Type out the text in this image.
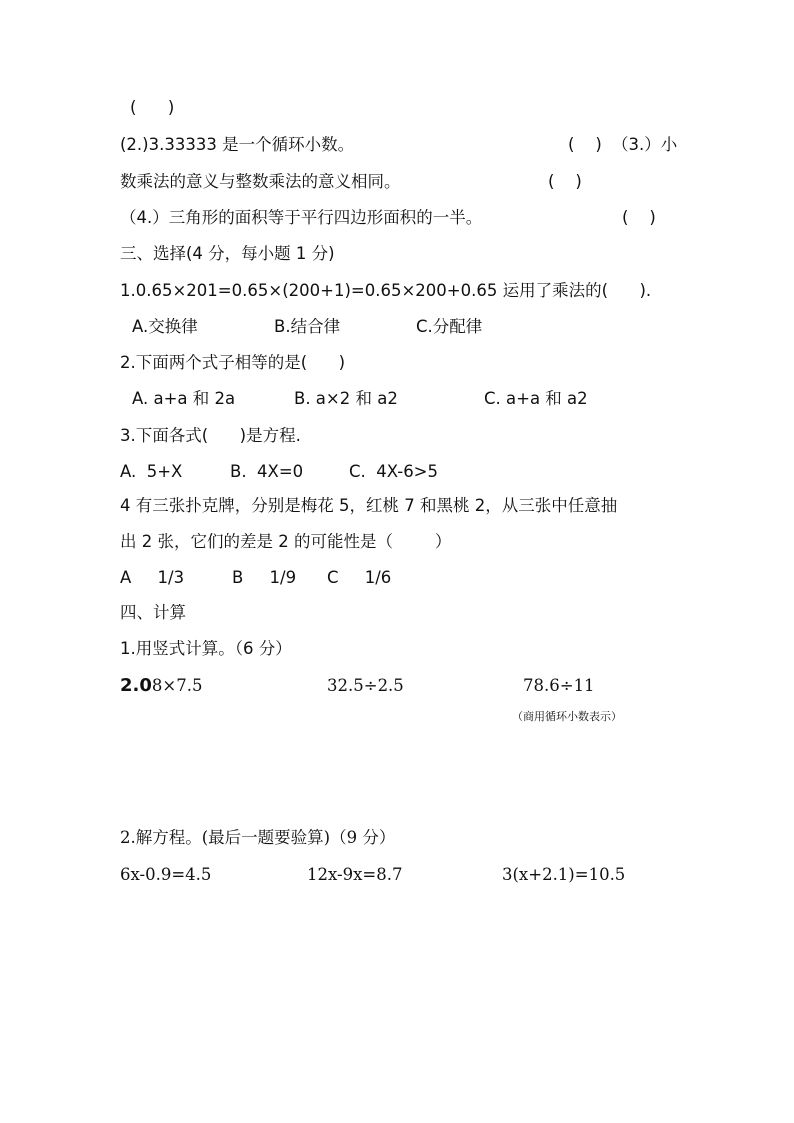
(      )
(2.)3.33333 是一个循环小数。	(    ) （3.）小
数乘法的意义与整数乘法的意义相同。	(    )
（4.）三角形的面积等于平行四边形面积的一半。	(    )
三、选择(4 分，每小题 1 分)
1.0.65×201=0.65×(200+1)=0.65×200+0.65 运用了乘法的(      ).
A.交换律	B.结合律	C.分配律
2.下面两个式子相等的是(      )
A. a+a 和 2a	B. a×2 和 a2	C. a+a 和 a2
3.下面各式(      )是方程.
A.  5+X	B.  4X=0	C.  4X-6>5
4 有三张扑克牌，分别是梅花 5，红桃 7 和黑桃 2，从三张中任意抽
出 2 张，它们的差是 2 的可能性是（        ）
A     1/3	B     1/9 C     1/6
四、计算
1.用竖式计算。（6 分）
2.08×7.5	32.5÷2.5	78.6÷11
（商用循环小数表示）
2.解方程。(最后一题要验算)（9 分）
6x-0.9=4.5	12x-9x=8.7	3(x+2.1)=10.5
